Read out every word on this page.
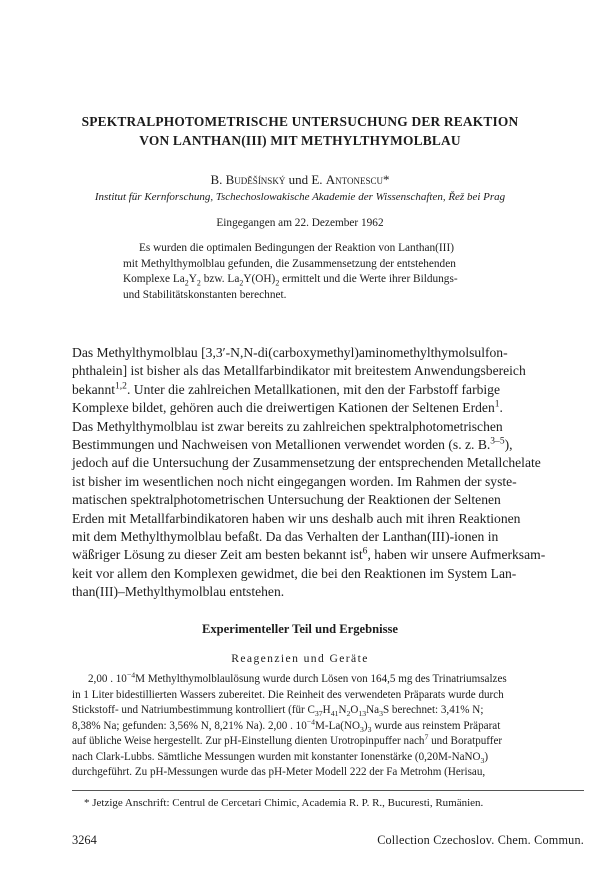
SPEKTRALPHOTOMETRISCHE UNTERSUCHUNG DER REAKTION
VON LANTHAN(III) MIT METHYLTHYMOLBLAU
B. Buděšínský und E. Antonescu*
Institut für Kernforschung, Tschechoslowakische Akademie der Wissenschaften, Řež bei Prag
Eingegangen am 22. Dezember 1962
Es wurden die optimalen Bedingungen der Reaktion von Lanthan(III)
mit Methylthymolblau gefunden, die Zusammensetzung der entstehenden
Komplexe $La_2Y_2$ bzw. $La_2Y(OH)_2$ ermittelt und die Werte ihrer Bildungs-
und Stabilitätskonstanten berechnet.
Das Methylthymolblau [3,3′-N,N-di(carboxymethyl)aminomethylthymolsulfon-
phthalein] ist bisher als das Metallfarbindikator mit breitestem Anwendungsbereich
bekannt$^{1,2}$. Unter die zahlreichen Metallkationen, mit den der Farbstoff farbige
Komplexe bildet, gehören auch die dreiwertigen Kationen der Seltenen Erden$^1$.
Das Methylthymolblau ist zwar bereits zu zahlreichen spektralphotometrischen
Bestimmungen und Nachweisen von Metallionen verwendet worden (s. z. B.$^{3-5}$),
jedoch auf die Untersuchung der Zusammensetzung der entsprechenden Metallchelate
ist bisher im wesentlichen noch nicht eingegangen worden. Im Rahmen der syste-
matischen spektralphotometrischen Untersuchung der Reaktionen der Seltenen
Erden mit Metallfarbindikatoren haben wir uns deshalb auch mit ihren Reaktionen
mit dem Methylthymolblau befaßt. Da das Verhalten der Lanthan(III)-ionen in
wäßriger Lösung zu dieser Zeit am besten bekannt ist$^6$, haben wir unsere Aufmerksam-
keit vor allem den Komplexen gewidmet, die bei den Reaktionen im System Lan-
than(III)–Methylthymolblau entstehen.
Experimenteller Teil und Ergebnisse
Reagenzien und Geräte
2,00 . $10^{-4}M$ Methylthymolblaulösung wurde durch Lösen von 164,5 mg des Trinatriumsalzes
in 1 Liter bidestillierten Wassers zubereitet. Die Reinheit des verwendeten Präparats wurde durch
Stickstoff- und Natriumbestimmung kontrolliert (für $C_{37}H_{41}N_2O_{13}Na_3S$ berechnet: 3,41% N;
8,38% Na; gefunden: 3,56% N, 8,21% Na). 2,00 . $10^{-4}M-La(NO_3)_3$ wurde aus reinstem Präparat
auf übliche Weise hergestellt. Zur pH-Einstellung dienten Urotropinpuffer nach$^7$ und Boratpuffer
nach Clark-Lubbs. Sämtliche Messungen wurden mit konstanter Ionenstärke (0,20M-NaNO$_3$)
durchgeführt. Zu pH-Messungen wurde das pH-Meter Modell 222 der Fa Metrohm (Herisau,
* Jetzige Anschrift: Centrul de Cercetari Chimic, Academia R. P. R., Bucuresti, Rumänien.
3264	Collection Czechoslov. Chem. Commun.
